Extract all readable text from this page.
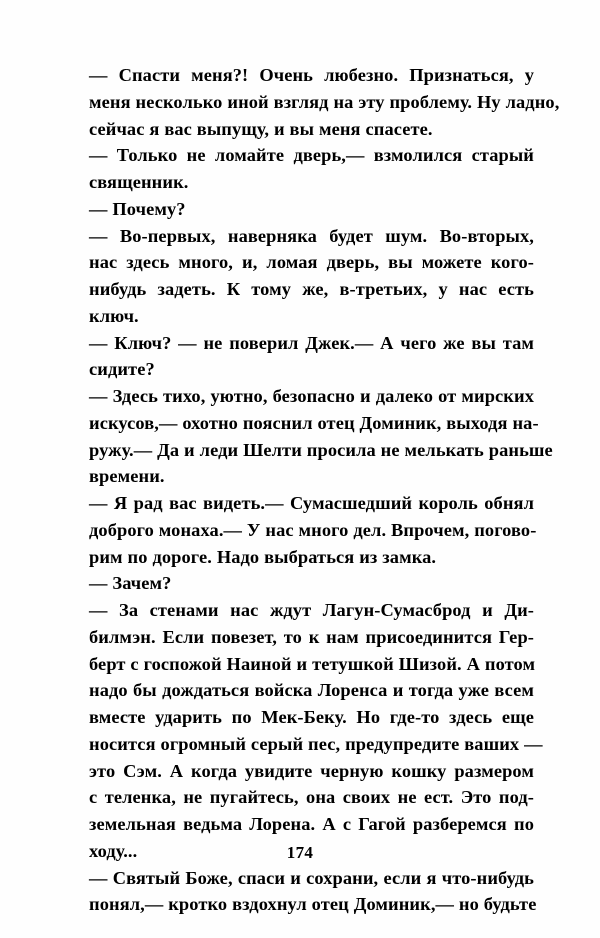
— Спасти меня?! Очень любезно. Признаться, у
меня несколько иной взгляд на эту проблему. Ну ладно,
сейчас я вас выпущу, и вы меня спасете.

— Только не ломайте дверь,— взмолился старый
священник.

— Почему?

— Во-первых, наверняка будет шум. Во-вторых,
нас здесь много, и, ломая дверь, вы можете кого-
нибудь задеть. К тому же, в-третьих, у нас есть
ключ.

— Ключ? — не поверил Джек.— А чего же вы там
сидите?

— Здесь тихо, уютно, безопасно и далеко от мирских
искусов,— охотно пояснил отец Доминик, выходя на-
ружу.— Да и леди Шелти просила не мелькать раньше
времени.

— Я рад вас видеть.— Сумасшедший король обнял
доброго монаха.— У нас много дел. Впрочем, погово-
рим по дороге. Надо выбраться из замка.

— Зачем?

— За стенами нас ждут Лагун-Сумасброд и Ди-
билмэн. Если повезет, то к нам присоединится Гер-
берт с госпожой Наиной и тетушкой Шизой. А потом
надо бы дождаться войска Лоренса и тогда уже всем
вместе ударить по Мек-Беку. Но где-то здесь еще
носится огромный серый пес, предупредите ваших —
это Сэм. А когда увидите черную кошку размером
с теленка, не пугайтесь, она своих не ест. Это под-
земельная ведьма Лорена. А с Гагой разберемся по
ходу...

— Святый Боже, спаси и сохрани, если я что-нибудь
понял,— кротко вздохнул отец Доминик,— но будьте

174
